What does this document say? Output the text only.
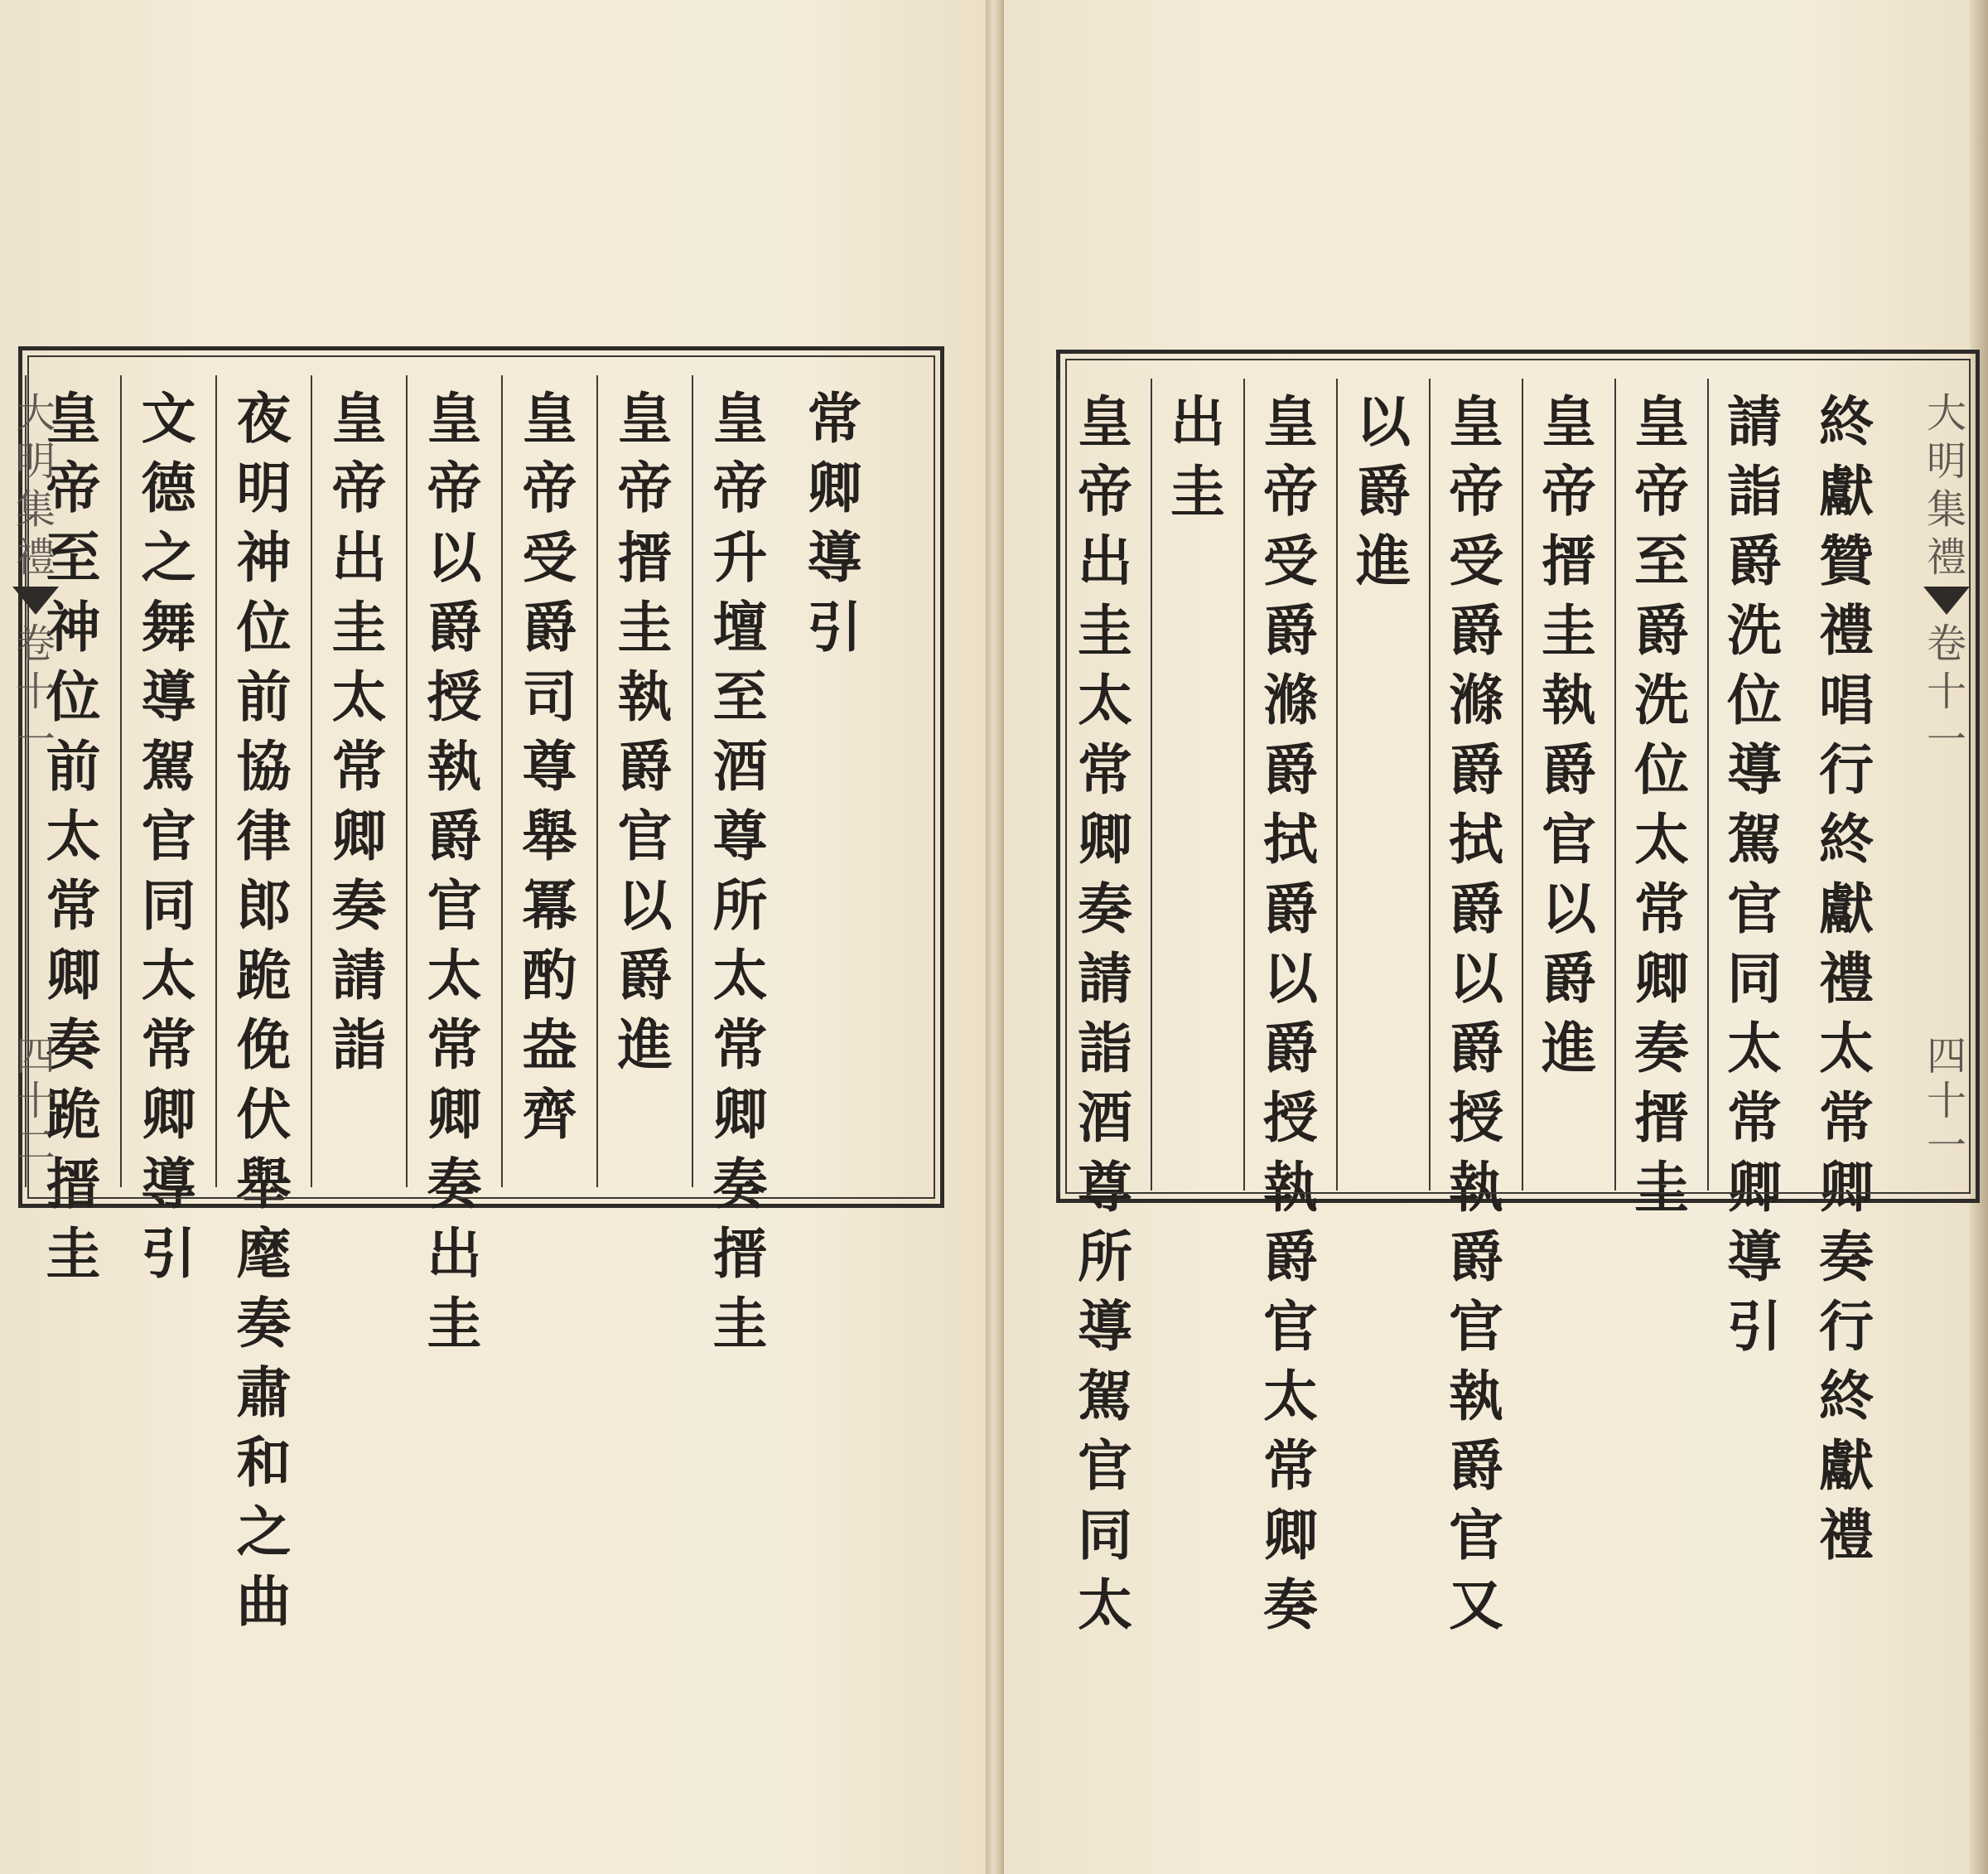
常
卿
導
引
皇
帝
升
壇
至
酒
尊
所
太
常
卿
奏
搢
圭
皇
帝
搢
圭
執
爵
官
以
爵
進
皇
帝
受
爵
司
尊
舉
冪
酌
盎
齊
皇
帝
以
爵
授
執
爵
官
太
常
卿
奏
出
圭
皇
帝
出
圭
太
常
卿
奏
請
詣
夜
明
神
位
前
協
律
郎
跪
俛
伏
舉
麾
奏
肅
和
之
曲
文
德
之
舞
導
駕
官
同
太
常
卿
導
引
皇
帝
至
神
位
前
太
常
卿
奏
跪
搢
圭
終
獻
贊
禮
唱
行
終
獻
禮
太
常
卿
奏
行
終
獻
禮
請
詣
爵
洗
位
導
駕
官
同
太
常
卿
導
引
皇
帝
至
爵
洗
位
太
常
卿
奏
搢
圭
皇
帝
搢
圭
執
爵
官
以
爵
進
皇
帝
受
爵
滌
爵
拭
爵
以
爵
授
執
爵
官
執
爵
官
又
以
爵
進
皇
帝
受
爵
滌
爵
拭
爵
以
爵
授
執
爵
官
太
常
卿
奏
出
圭
皇
帝
出
圭
太
常
卿
奏
請
詣
酒
尊
所
導
駕
官
同
太
大
明
集
禮
卷
十
一
四
十
二
大
明
集
禮
卷
十
一
四
十
一
